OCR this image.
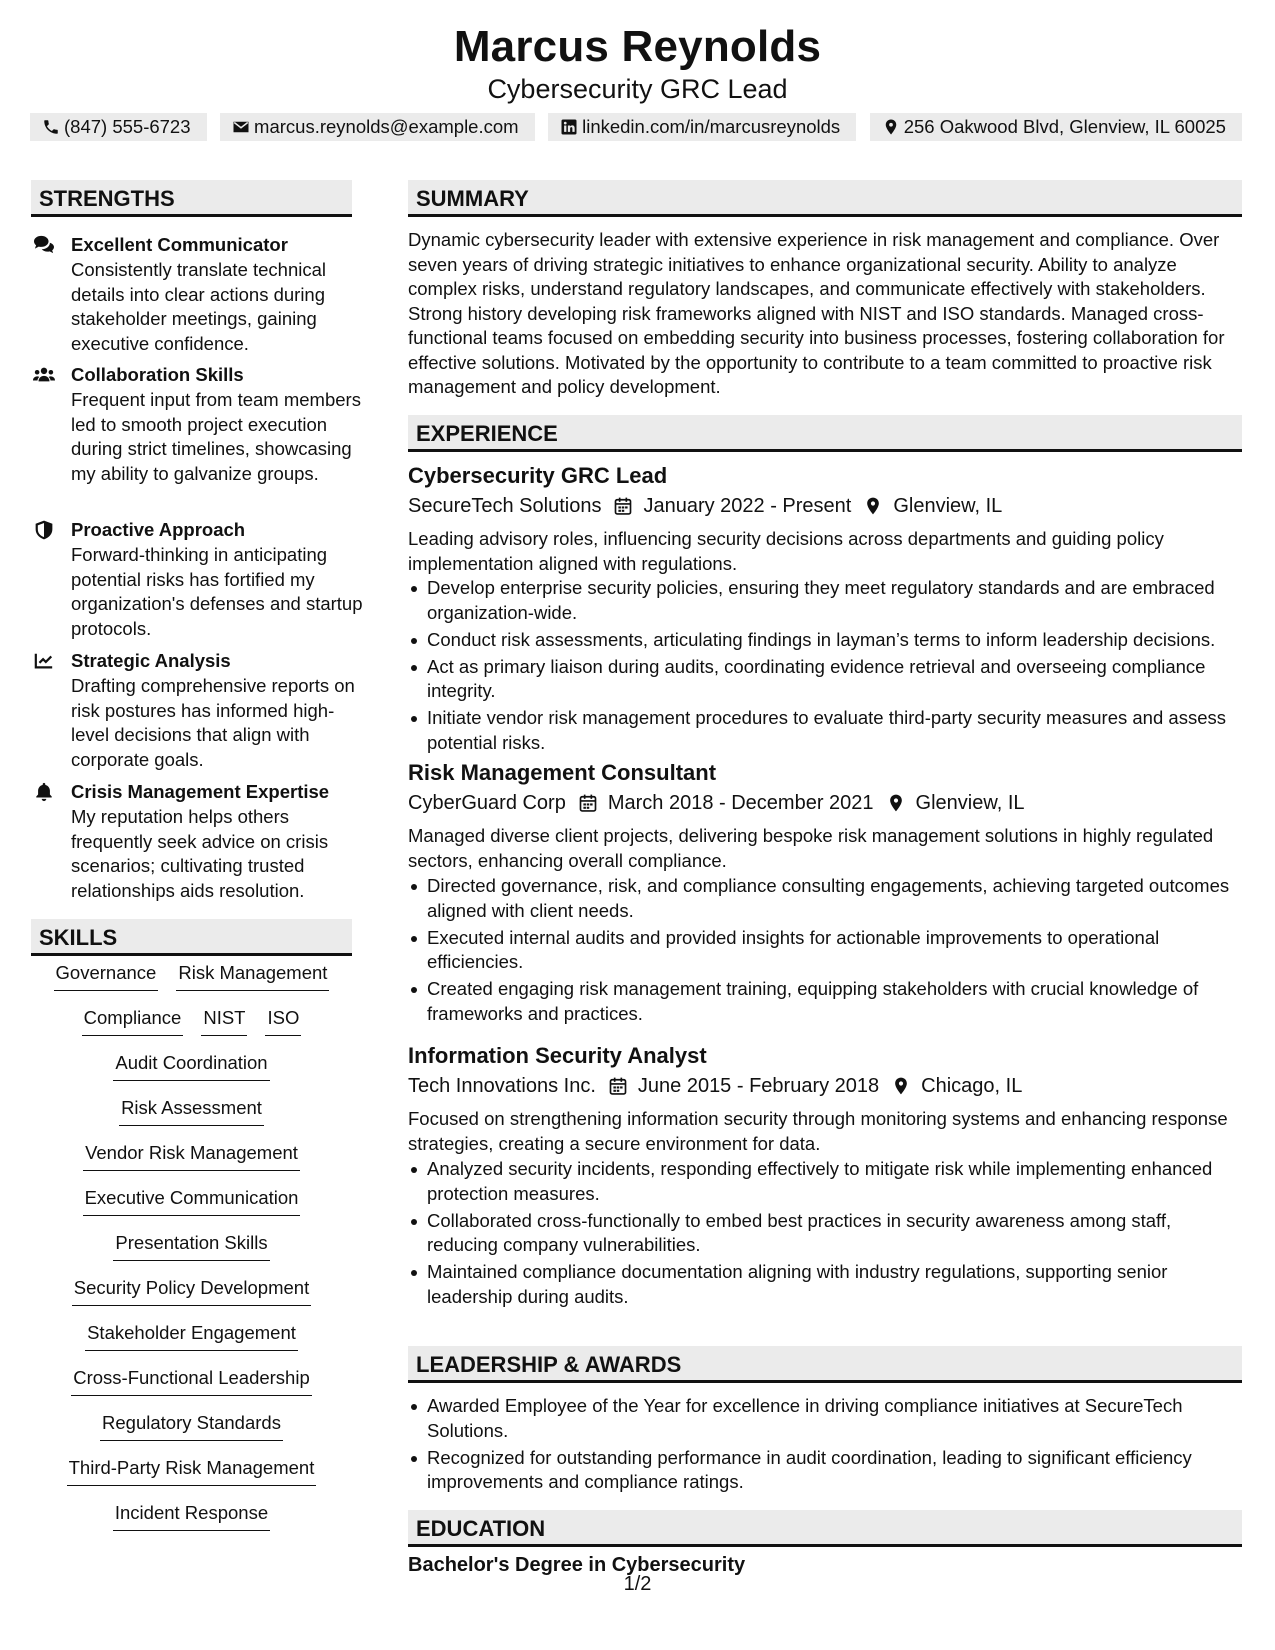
Marcus Reynolds
Cybersecurity GRC Lead
(847) 555-6723	marcus.reynolds@example.com	linkedin.com/in/marcusreynolds	256 Oakwood Blvd, Glenview, IL 60025
STRENGTHS
Excellent Communicator
Consistently translate technical details into clear actions during stakeholder meetings, gaining executive confidence.
Collaboration Skills
Frequent input from team members led to smooth project execution during strict timelines, showcasing my ability to galvanize groups.
Proactive Approach
Forward-thinking in anticipating potential risks has fortified my organization's defenses and startup protocols.
Strategic Analysis
Drafting comprehensive reports on risk postures has informed high-level decisions that align with corporate goals.
Crisis Management Expertise
My reputation helps others frequently seek advice on crisis scenarios; cultivating trusted relationships aids resolution.
SKILLS
Governance Risk Management
Compliance NIST ISO
Audit Coordination
Risk Assessment
Vendor Risk Management
Executive Communication
Presentation Skills
Security Policy Development
Stakeholder Engagement
Cross-Functional Leadership
Regulatory Standards
Third-Party Risk Management
Incident Response
SUMMARY
Dynamic cybersecurity leader with extensive experience in risk management and compliance. Over seven years of driving strategic initiatives to enhance organizational security. Ability to analyze complex risks, understand regulatory landscapes, and communicate effectively with stakeholders. Strong history developing risk frameworks aligned with NIST and ISO standards. Managed cross-functional teams focused on embedding security into business processes, fostering collaboration for effective solutions. Motivated by the opportunity to contribute to a team committed to proactive risk management and policy development.
EXPERIENCE
Cybersecurity GRC Lead
SecureTech Solutions January 2022 - Present Glenview, IL
Leading advisory roles, influencing security decisions across departments and guiding policy implementation aligned with regulations.
Develop enterprise security policies, ensuring they meet regulatory standards and are embraced organization-wide.
Conduct risk assessments, articulating findings in layman’s terms to inform leadership decisions.
Act as primary liaison during audits, coordinating evidence retrieval and overseeing compliance integrity.
Initiate vendor risk management procedures to evaluate third-party security measures and assess potential risks.
Risk Management Consultant
CyberGuard Corp March 2018 - December 2021 Glenview, IL
Managed diverse client projects, delivering bespoke risk management solutions in highly regulated sectors, enhancing overall compliance.
Directed governance, risk, and compliance consulting engagements, achieving targeted outcomes aligned with client needs.
Executed internal audits and provided insights for actionable improvements to operational efficiencies.
Created engaging risk management training, equipping stakeholders with crucial knowledge of frameworks and practices.
Information Security Analyst
Tech Innovations Inc. June 2015 - February 2018 Chicago, IL
Focused on strengthening information security through monitoring systems and enhancing response strategies, creating a secure environment for data.
Analyzed security incidents, responding effectively to mitigate risk while implementing enhanced protection measures.
Collaborated cross-functionally to embed best practices in security awareness among staff, reducing company vulnerabilities.
Maintained compliance documentation aligning with industry regulations, supporting senior leadership during audits.
LEADERSHIP & AWARDS
Awarded Employee of the Year for excellence in driving compliance initiatives at SecureTech Solutions.
Recognized for outstanding performance in audit coordination, leading to significant efficiency improvements and compliance ratings.
EDUCATION
Bachelor's Degree in Cybersecurity
1/2
